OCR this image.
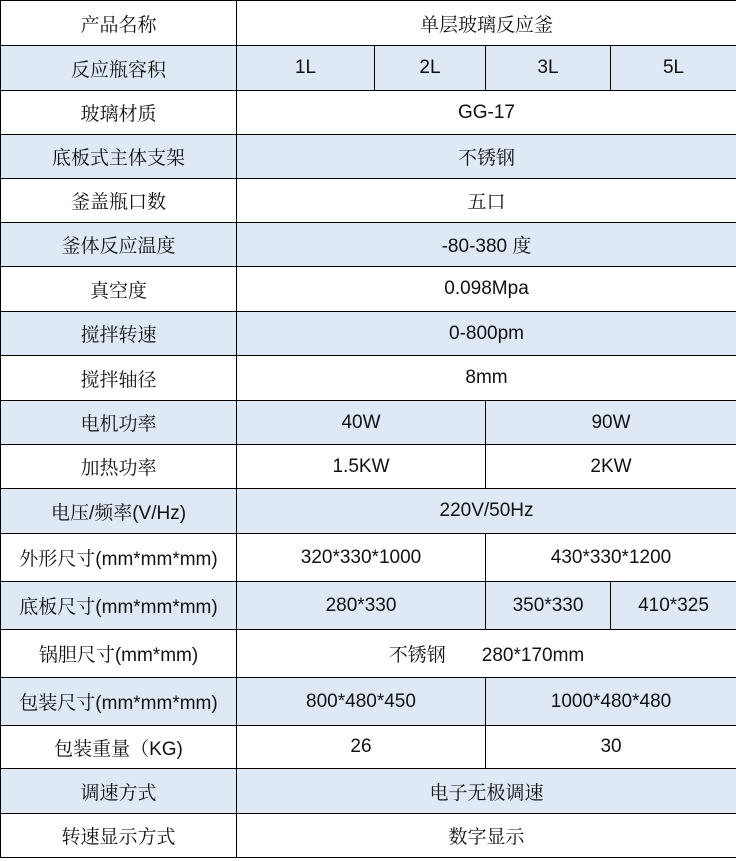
产品名称	单层玻璃反应釜			
反应瓶容积	1L	2L	3L	5L
玻璃材质	GG-17			
底板式主体支架	不锈钢			
釜盖瓶口数	五口			
釜体反应温度	-80-380 度			
真空度	0.098Mpa			
搅拌转速	0-800pm			
搅拌轴径	8mm			
电机功率	40W		90W	
加热功率	1.5KW		2KW	
电压/频率(V/Hz)	220V/50Hz			
外形尺寸(mm*mm*mm)	320*330*1000		430*330*1200	
底板尺寸(mm*mm*mm)	280*330		350*330	410*325
锅胆尺寸(mm*mm)	不锈钢 280*170mm			
包装尺寸(mm*mm*mm)	800*480*450		1000*480*480	
包装重量（KG)	26		30	
调速方式	电子无极调速			
转速显示方式	数字显示			
